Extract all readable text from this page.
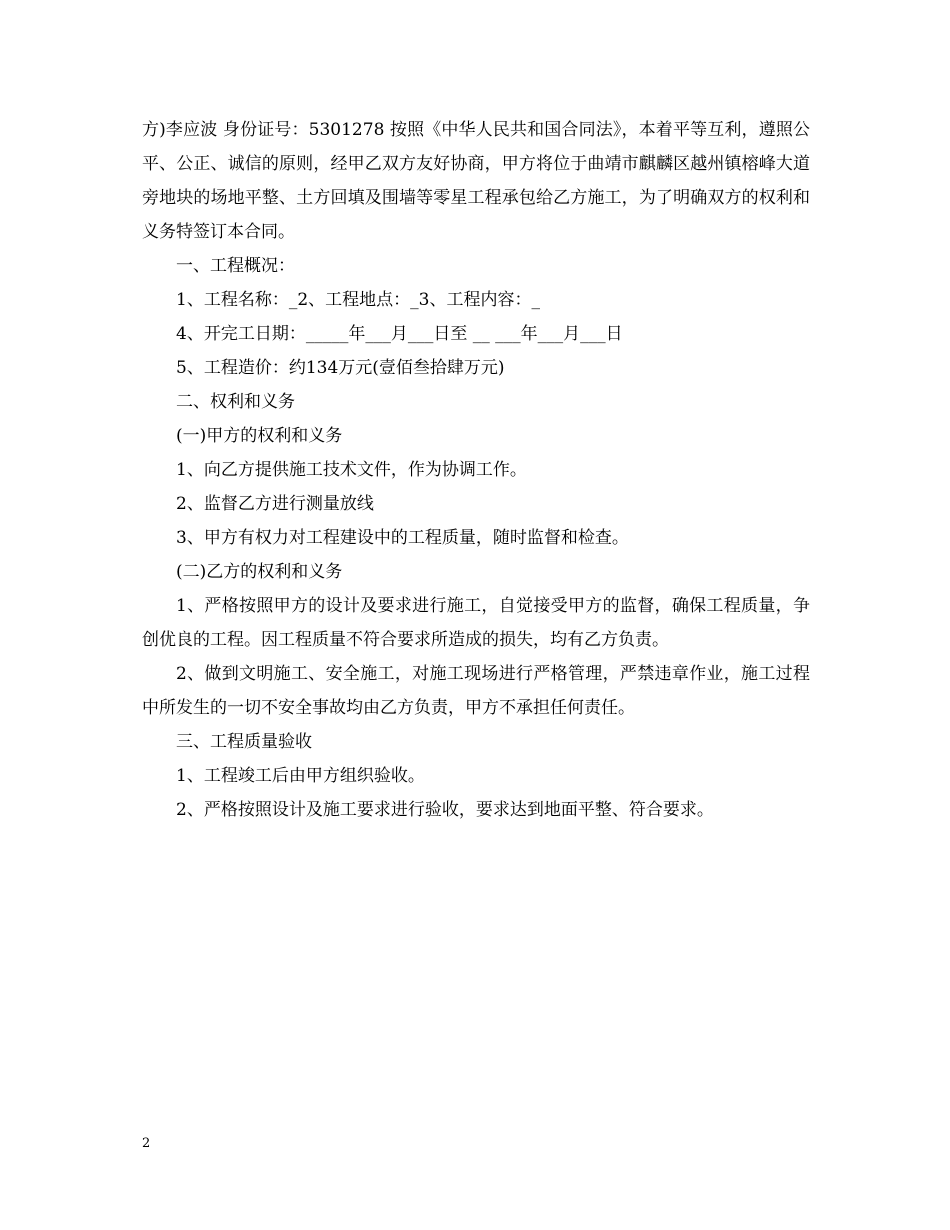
方)李应波 身份证号：5301278 按照《中华人民共和国合同法》，本着平等互利，遵照公平、公正、诚信的原则，经甲乙双方友好协商，甲方将位于曲靖市麒麟区越州镇榕峰大道旁地块的场地平整、土方回填及围墙等零星工程承包给乙方施工，为了明确双方的权利和义务特签订本合同。

一、工程概况：

1、工程名称：_2、工程地点：_3、工程内容：_

4、开完工日期：_____年___月___日至 __ ___年___月___日

5、工程造价：约134万元(壹佰叁拾肆万元)

二、权利和义务

(一)甲方的权利和义务

1、向乙方提供施工技术文件，作为协调工作。

2、监督乙方进行测量放线

3、甲方有权力对工程建设中的工程质量，随时监督和检查。

(二)乙方的权利和义务

1、严格按照甲方的设计及要求进行施工，自觉接受甲方的监督，确保工程质量，争创优良的工程。因工程质量不符合要求所造成的损失，均有乙方负责。

2、做到文明施工、安全施工，对施工现场进行严格管理，严禁违章作业，施工过程中所发生的一切不安全事故均由乙方负责，甲方不承担任何责任。

三、工程质量验收

1、工程竣工后由甲方组织验收。

2、严格按照设计及施工要求进行验收，要求达到地面平整、符合要求。

2
